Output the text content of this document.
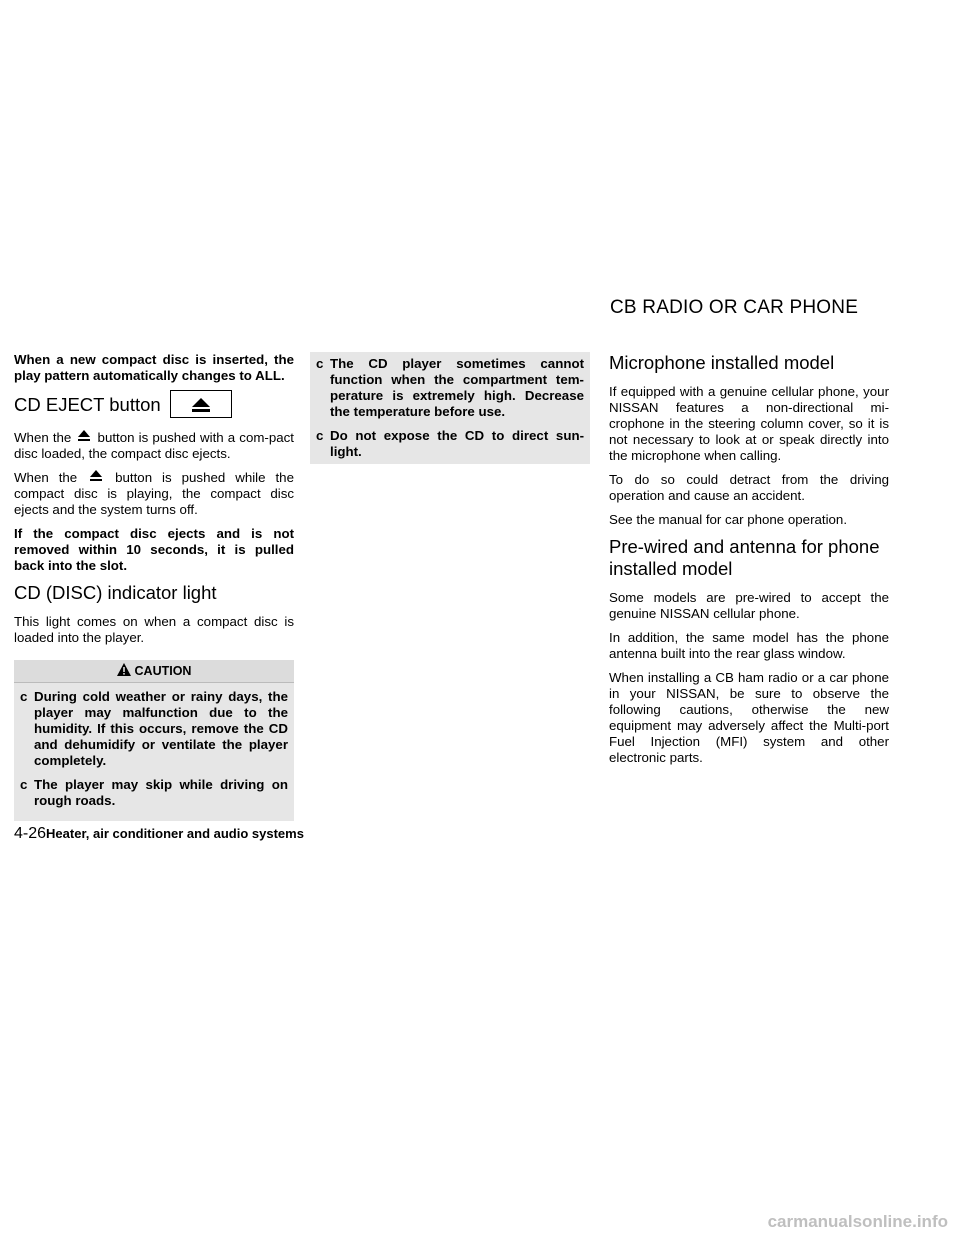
CB RADIO OR CAR PHONE

When a new compact disc is inserted, the play pattern automatically changes to ALL.

CD EJECT button

When the button is pushed with a com-pact disc loaded, the compact disc ejects.

When the	button is pushed while the compact disc is playing, the compact disc ejects and the system turns off.

If the compact disc ejects and is not removed within 10 seconds, it is pulled back into the slot.

CD (DISC) indicator light

This light comes on when a compact disc is loaded into the player.

CAUTION
c During cold weather or rainy days, the player may malfunction due to the humidity. If this occurs, remove the CD and dehumidify or ventilate the player completely.

c The player may skip while driving on rough roads.

c The CD player sometimes cannot function when the compartment tem-perature is extremely high. Decrease the temperature before use.

c Do not expose the CD to direct sun-light.

Microphone installed model

If equipped with a genuine cellular phone, your NISSAN features a non-directional mi-crophone in the steering column cover, so it is not necessary to look at or speak directly into the microphone when calling.

To do so could detract from the driving operation and cause an accident.

See the manual for car phone operation.

Pre-wired and antenna for phone installed model

Some models are pre-wired to accept the genuine NISSAN cellular phone.

In addition, the same model has the phone antenna built into the rear glass window.

When installing a CB ham radio or a car phone in your NISSAN, be sure to observe the following cautions, otherwise the new equipment may adversely affect the Multi-port Fuel Injection (MFI) system and other electronic parts.

4-26Heater, air conditioner and audio systems
carmanualsonline.info
